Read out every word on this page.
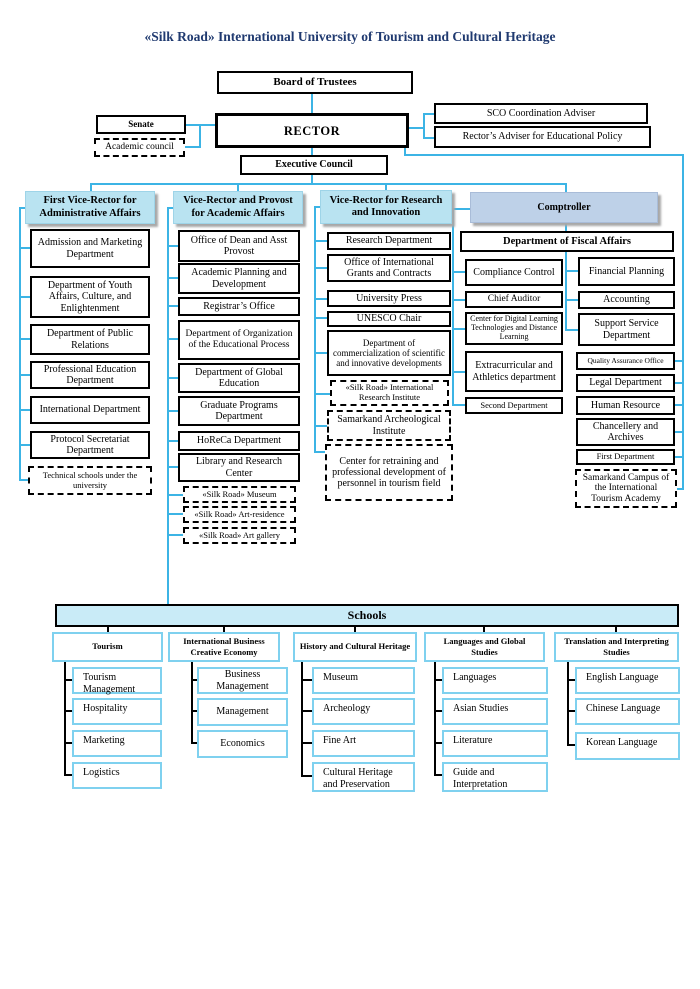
«Silk Road» International University of Tourism and Cultural Heritage
Board of Trustees
RECTOR
Senate
Academic council
SCO Coordination Adviser
Rector’s Adviser for Educational Policy
Executive Council
First Vice-Rector for Administrative Affairs
Admission and Marketing Department
Department of Youth Affairs, Culture, and Enlightenment
Department of Public Relations
Professional Education Department
International Department
Protocol Secretariat Department
Technical schools under the university
Vice-Rector and Provost for Academic Affairs
Office of Dean and Asst Provost
Academic Planning and Development
Registrar’s Office
Department of Organization of the Educational Process
Department of Global Education
Graduate Programs Department
HoReCa Department
Library and Research Center
«Silk Road» Museum
«Silk Road» Art-residence
«Silk Road» Art gallery
Vice-Rector for Research and Innovation
Research Department
Office of International Grants and Contracts
University Press
UNESCO Chair
Department of commercialization of scientific and innovative developments
«Silk Road» International Research Institute
Samarkand Archeological Institute
Center for retraining and professional development of personnel in tourism field
Comptroller
Department of Fiscal Affairs
Compliance Control
Chief Auditor
Center for Digital Learning Technologies and Distance Learning
Extracurricular and Athletics department
Second Department
Financial Planning
Accounting
Support Service Department
Quality Assurance Office
Legal Department
Human Resource
Chancellery and Archives
First Department
Samarkand Campus of the International Tourism Academy
Schools
Tourism
International Business Creative Economy
History and Cultural Heritage
Languages and Global Studies
Translation and Interpreting Studies
Tourism Management
Hospitality
Marketing
Logistics
Business Management
Management
Economics
Museum
Archeology
Fine Art
Cultural Heritage and Preservation
Languages
Asian Studies
Literature
Guide and Interpretation
English Language
Chinese Language
Korean Language
